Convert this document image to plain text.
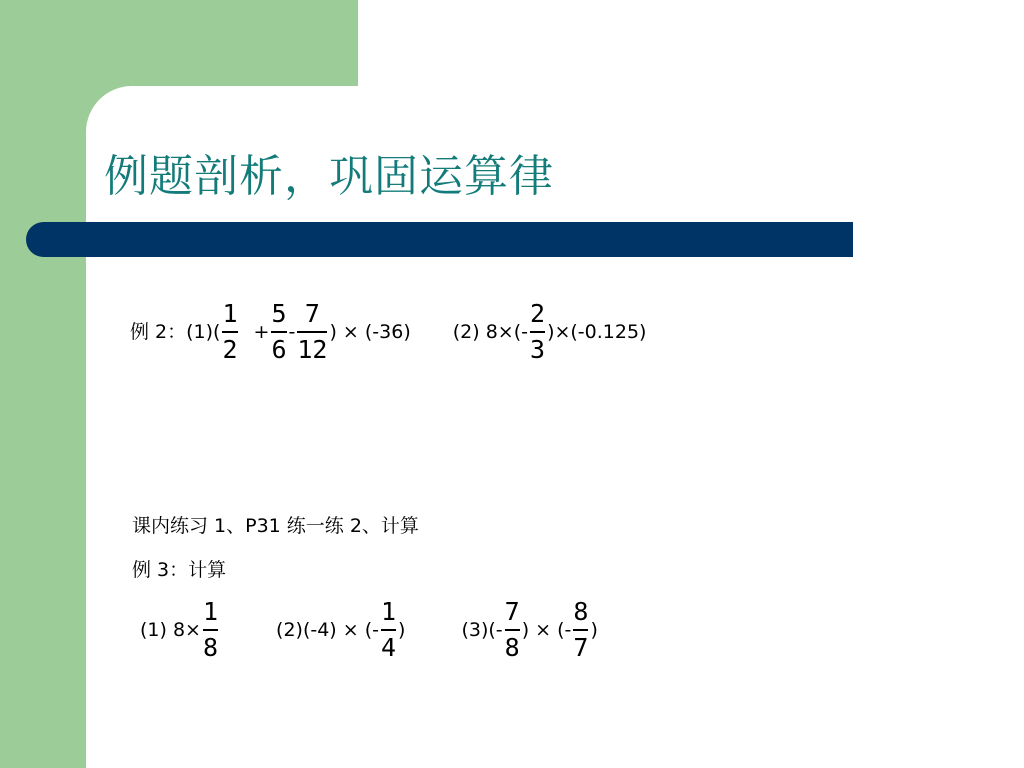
例题剖析，巩固运算律
例 2：$(1)( \frac{1}{2} + \frac{5}{6} - \frac{7}{12}$ ) × (-36) (2) $8\times(- \frac{2}{3} )\times(-0.125)$
课内练习 1、P31 练一练 2、计算
例 3：计算
(1) $8\times \frac{1}{8}$	(2)(-4) × (- $\frac{1}{4}$ )	$(3)(- \frac{7}{8}$ ) × (- $\frac{8}{7}$ )
